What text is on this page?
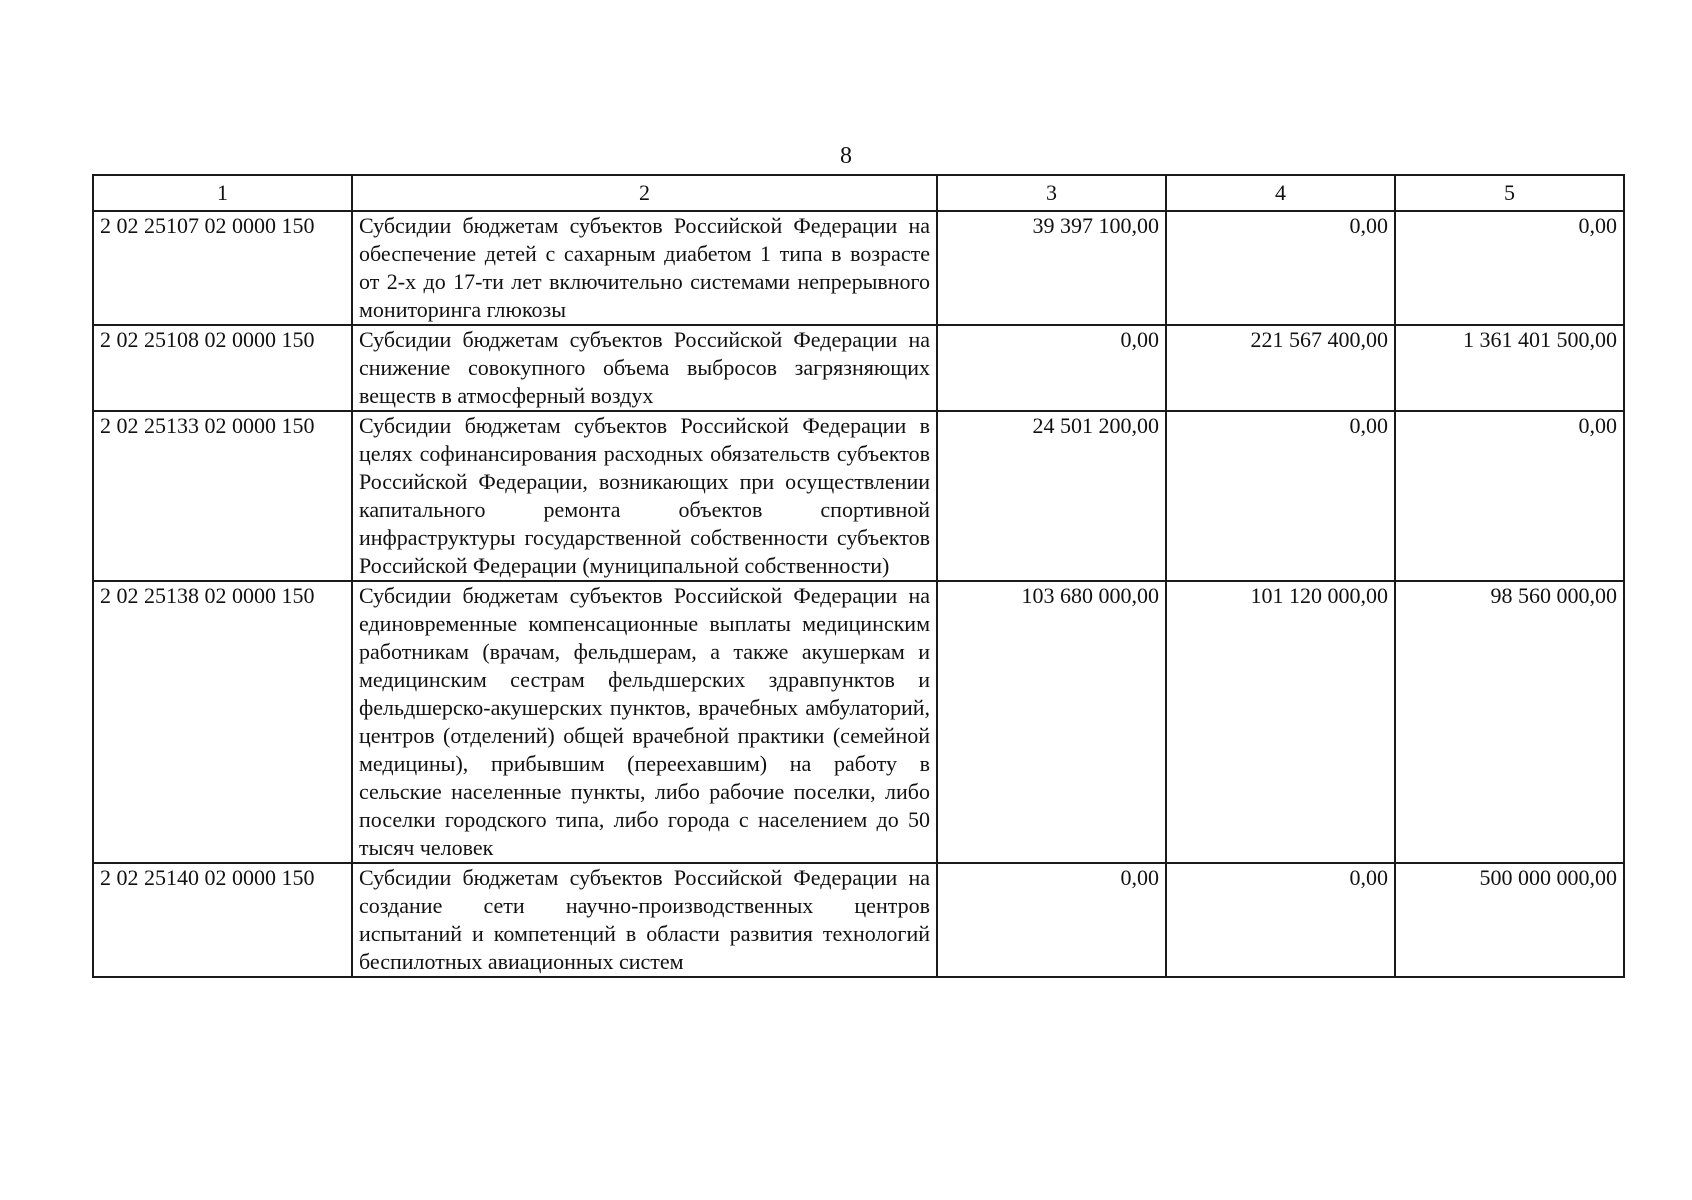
8
1	2	3	4	5
2 02 25107 02 0000 150	Субсидии бюджетам субъектов Российской Федерации на обеспечение детей с сахарным диабетом 1 типа в возрасте от 2-х до 17-ти лет включительно системами непрерывного мониторинга глюкозы	39 397 100,00	0,00	0,00
2 02 25108 02 0000 150	Субсидии бюджетам субъектов Российской Федерации на снижение совокупного объема выбросов загрязняющих веществ в атмосферный воздух	0,00	221 567 400,00	1 361 401 500,00
2 02 25133 02 0000 150	Субсидии бюджетам субъектов Российской Федерации в целях софинансирования расходных обязательств субъектов Российской Федерации, возникающих при осуществлении капитального ремонта объектов спортивной инфраструктуры государственной собственности субъектов Российской Федерации (муниципальной собственности)	24 501 200,00	0,00	0,00
2 02 25138 02 0000 150	Субсидии бюджетам субъектов Российской Федерации на единовременные компенсационные выплаты медицинским работникам (врачам, фельдшерам, а также акушеркам и медицинским сестрам фельдшерских здравпунктов и фельдшерско-акушерских пунктов, врачебных амбулаторий, центров (отделений) общей врачебной практики (семейной медицины), прибывшим (переехавшим) на работу в сельские населенные пункты, либо рабочие поселки, либо поселки городского типа, либо города с населением до 50 тысяч человек	103 680 000,00	101 120 000,00	98 560 000,00
2 02 25140 02 0000 150	Субсидии бюджетам субъектов Российской Федерации на создание сети научно-производственных центров испытаний и компетенций в области развития технологий беспилотных авиационных систем	0,00	0,00	500 000 000,00
